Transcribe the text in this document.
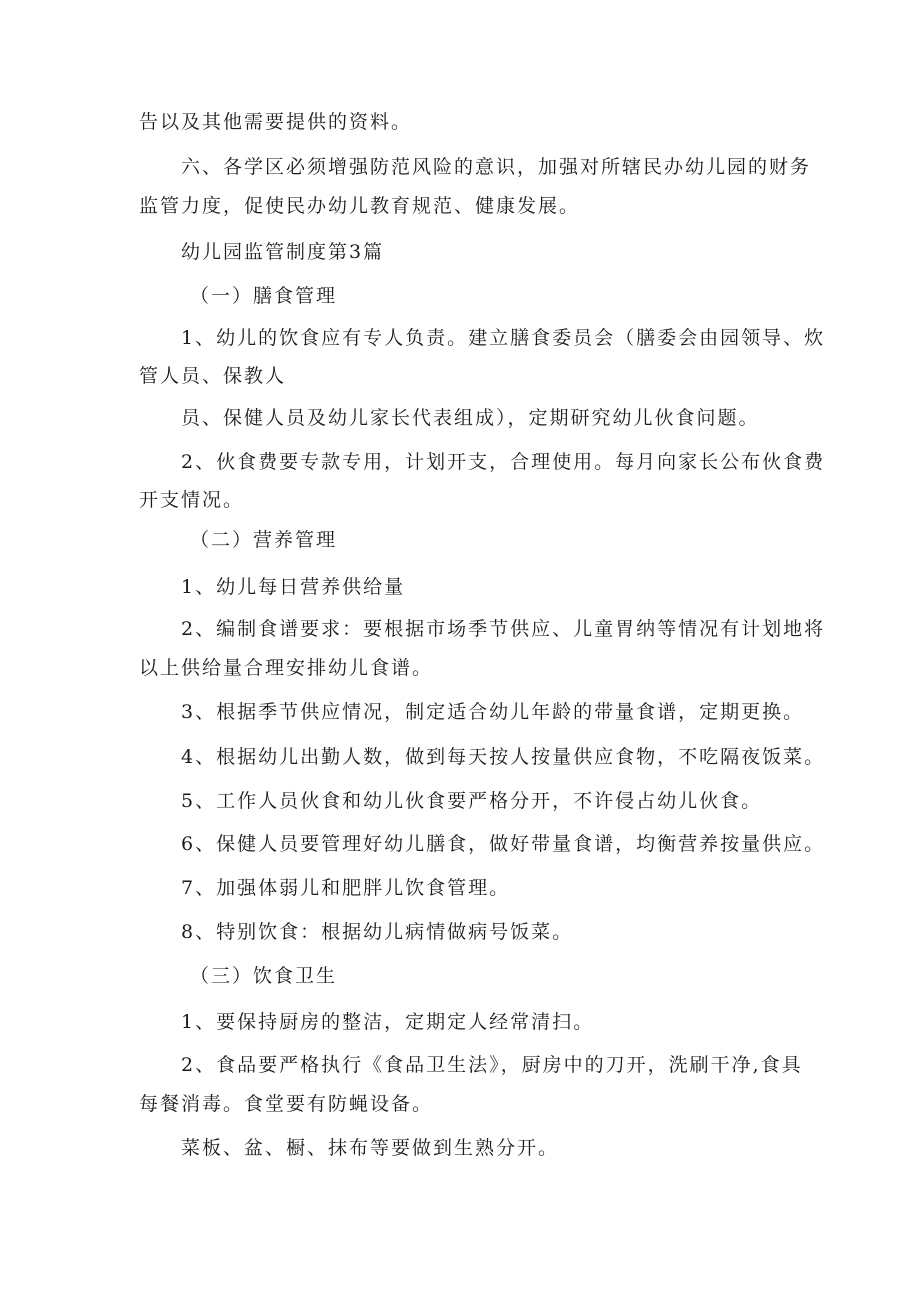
告以及其他需要提供的资料。
六、各学区必须增强防范风险的意识，加强对所辖民办幼儿园的财务
监管力度，促使民办幼儿教育规范、健康发展。
幼儿园监管制度第3篇
（一）膳食管理
1、幼儿的饮食应有专人负责。建立膳食委员会（膳委会由园领导、炊
管人员、保教人
员、保健人员及幼儿家长代表组成），定期研究幼儿伙食问题。
2、伙食费要专款专用，计划开支，合理使用。每月向家长公布伙食费
开支情况。
（二）营养管理
1、幼儿每日营养供给量
2、编制食谱要求：要根据市场季节供应、儿童胃纳等情况有计划地将
以上供给量合理安排幼儿食谱。
3、根据季节供应情况，制定适合幼儿年龄的带量食谱，定期更换。
4、根据幼儿出勤人数，做到每天按人按量供应食物，不吃隔夜饭菜。
5、工作人员伙食和幼儿伙食要严格分开，不许侵占幼儿伙食。
6、保健人员要管理好幼儿膳食，做好带量食谱，均衡营养按量供应。
7、加强体弱儿和肥胖儿饮食管理。
8、特别饮食：根据幼儿病情做病号饭菜。
（三）饮食卫生
1、要保持厨房的整洁，定期定人经常清扫。
2、食品要严格执行《食品卫生法》，厨房中的刀开，洗刷干净,食具
每餐消毒。食堂要有防蝇设备。
菜板、盆、橱、抹布等要做到生熟分开。
